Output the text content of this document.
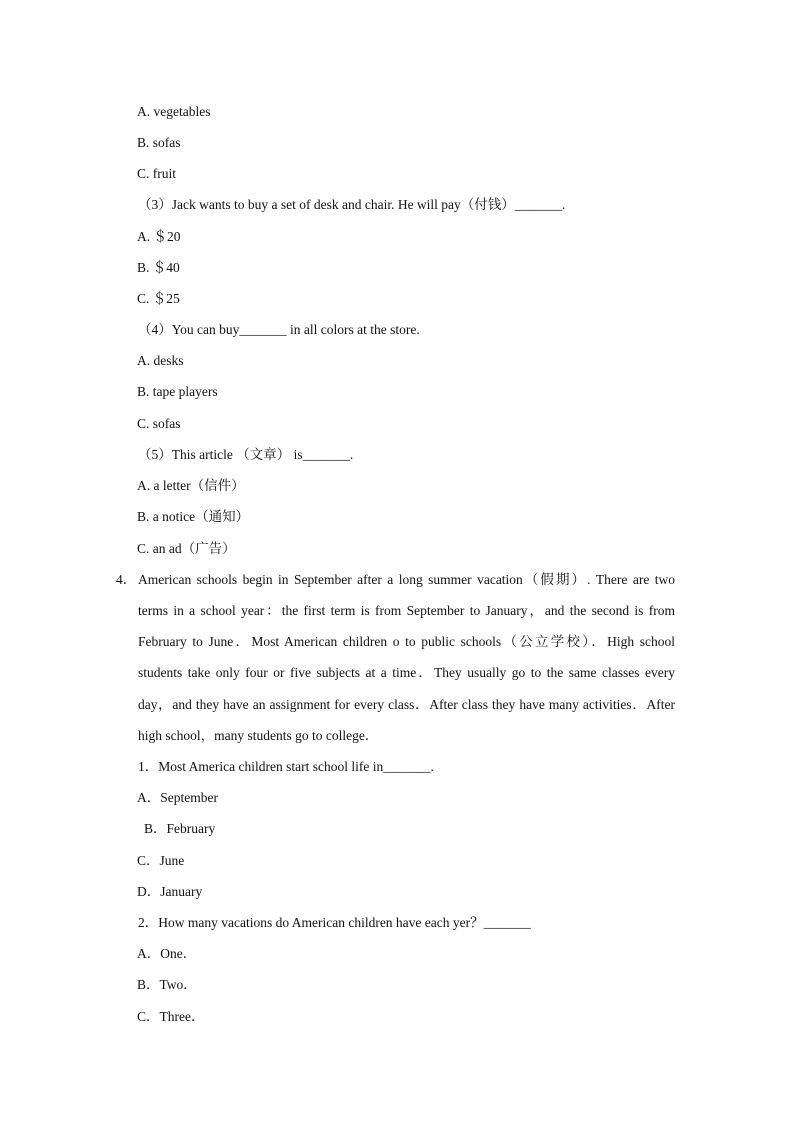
A. vegetables
B. sofas
C. fruit
（3）Jack wants to buy a set of desk and chair. He will pay（付钱）_______.
A. ＄20
B. ＄40
C. ＄25
（4）You can buy_______ in all colors at the store.
A. desks
B. tape players
C. sofas
（5）This article （文章） is_______.
A. a letter（信件）
B. a notice（通知）
C. an ad（广告）
4． American schools begin in September after a long summer vacation（假期）. There are two
terms in a school year：the first term is from September to January，and the second is from
February to June．Most American children o to public schools（公立学校）．High school
students take only four or five subjects at a time．They usually go to the same classes every
day，and they have an assignment for every class．After class they have many activities．After
high school，many students go to college．
1．Most America children start school life in_______.
A．September
B．February
C．June
D．January
2．How many vacations do American children have each yer？_______
A．One．
B．Two．
C．Three．
